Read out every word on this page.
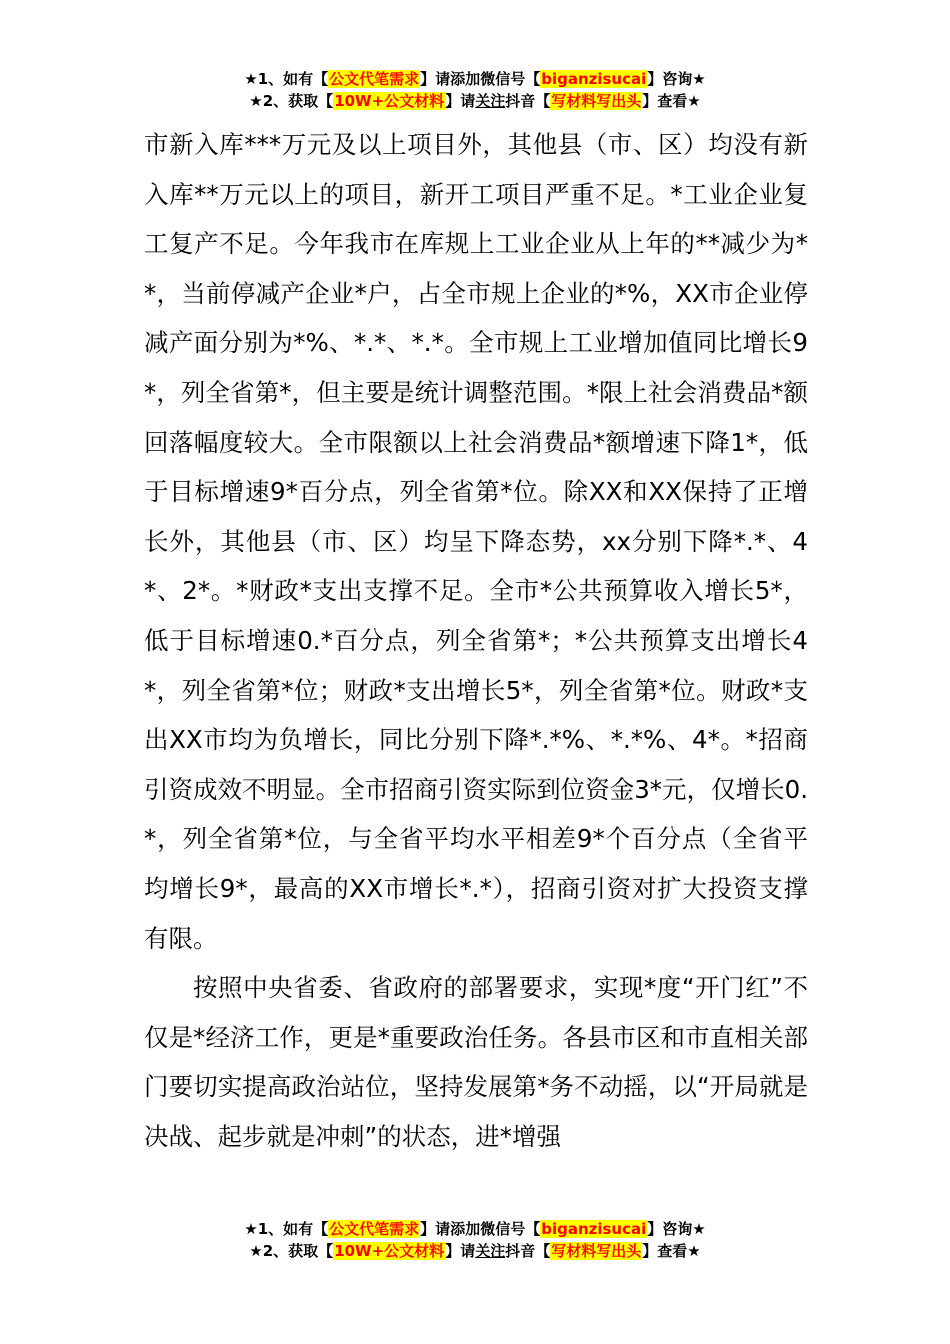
★1、如有【公文代笔需求】请添加微信号【biganzisucai】咨询★
★2、获取【10W+公文材料】请关注抖音【写材料写出头】查看★

市新入库***万元及以上项目外，其他县（市、区）均没有新入库**万元以上的项目，新开工项目严重不足。*工业企业复工复产不足。今年我市在库规上工业企业从上年的**减少为**，当前停减产企业*户，占全市规上企业的*%，XX市企业停减产面分别为*%、*.*、*.*。全市规上工业增加值同比增长9*，列全省第*，但主要是统计调整范围。*限上社会消费品*额回落幅度较大。全市限额以上社会消费品*额增速下降1*，低于目标增速9*百分点，列全省第*位。除XX和XX保持了正增长外，其他县（市、区）均呈下降态势，xx分别下降*.*、4*、2*。*财政*支出支撑不足。全市*公共预算收入增长5*，低于目标增速0.*百分点，列全省第*；*公共预算支出增长4*，列全省第*位；财政*支出增长5*，列全省第*位。财政*支出XX市均为负增长，同比分别下降*.*%、*.*%、4*。*招商引资成效不明显。全市招商引资实际到位资金3*元，仅增长0.*，列全省第*位，与全省平均水平相差9*个百分点（全省平均增长9*，最高的XX市增长*.*），招商引资对扩大投资支撑有限。

按照中央省委、省政府的部署要求，实现*度“开门红”不仅是*经济工作，更是*重要政治任务。各县市区和市直相关部门要切实提高政治站位，坚持发展第*务不动摇，以“开局就是决战、起步就是冲刺”的状态，进*增强

★1、如有【公文代笔需求】请添加微信号【biganzisucai】咨询★
★2、获取【10W+公文材料】请关注抖音【写材料写出头】查看★
